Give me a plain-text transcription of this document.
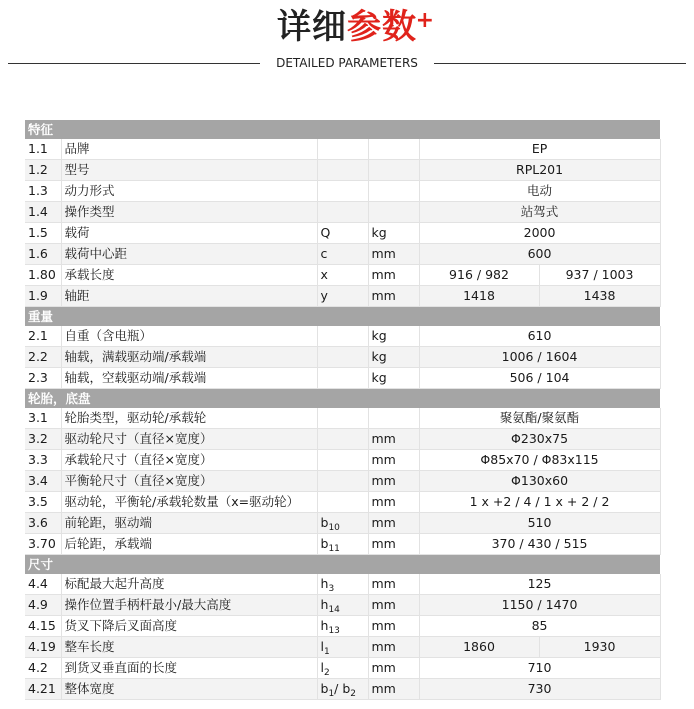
详细参数
+
DETAILED PARAMETERS
特征					
1.1	品牌			EP	
1.2	型号			RPL201	
1.3	动力形式			电动	
1.4	操作类型			站驾式	
1.5	载荷	Q	kg	2000	
1.6	载荷中心距	c	mm	600	
1.80	承载长度	x	mm	916 / 982	937 / 1003
1.9	轴距	y	mm	1418	1438
重量					
2.1	自重（含电瓶）		kg	610	
2.2	轴载，满载驱动端/承载端		kg	1006 / 1604	
2.3	轴载，空载驱动端/承载端		kg	506 / 104	
轮胎，底盘					
3.1	轮胎类型，驱动轮/承载轮			聚氨酯/聚氨酯	
3.2	驱动轮尺寸（直径×宽度）		mm	Φ230x75	
3.3	承载轮尺寸（直径×宽度）		mm	Φ85x70 / Φ83x115	
3.4	平衡轮尺寸（直径×宽度）		mm	Φ130x60	
3.5	驱动轮，平衡轮/承载轮数量（x=驱动轮）		mm	1 x +2 / 4 / 1 x + 2 / 2	
3.6	前轮距，驱动端	$b_{10}$	mm	510	
3.70	后轮距，承载端	$b_{11}$	mm	370 / 430 / 515	
尺寸					
4.4	标配最大起升高度	$h_3$	mm	125	
4.9	操作位置手柄杆最小/最大高度	$h_{14}$	mm	1150 / 1470	
4.15	货叉下降后叉面高度	$h_{13}$	mm	85	
4.19	整车长度	$l_1$	mm	1860	1930
4.2	到货叉垂直面的长度	$l_2$	mm	710	
4.21	整体宽度	$b_1/$ $b_2$	mm	730	
